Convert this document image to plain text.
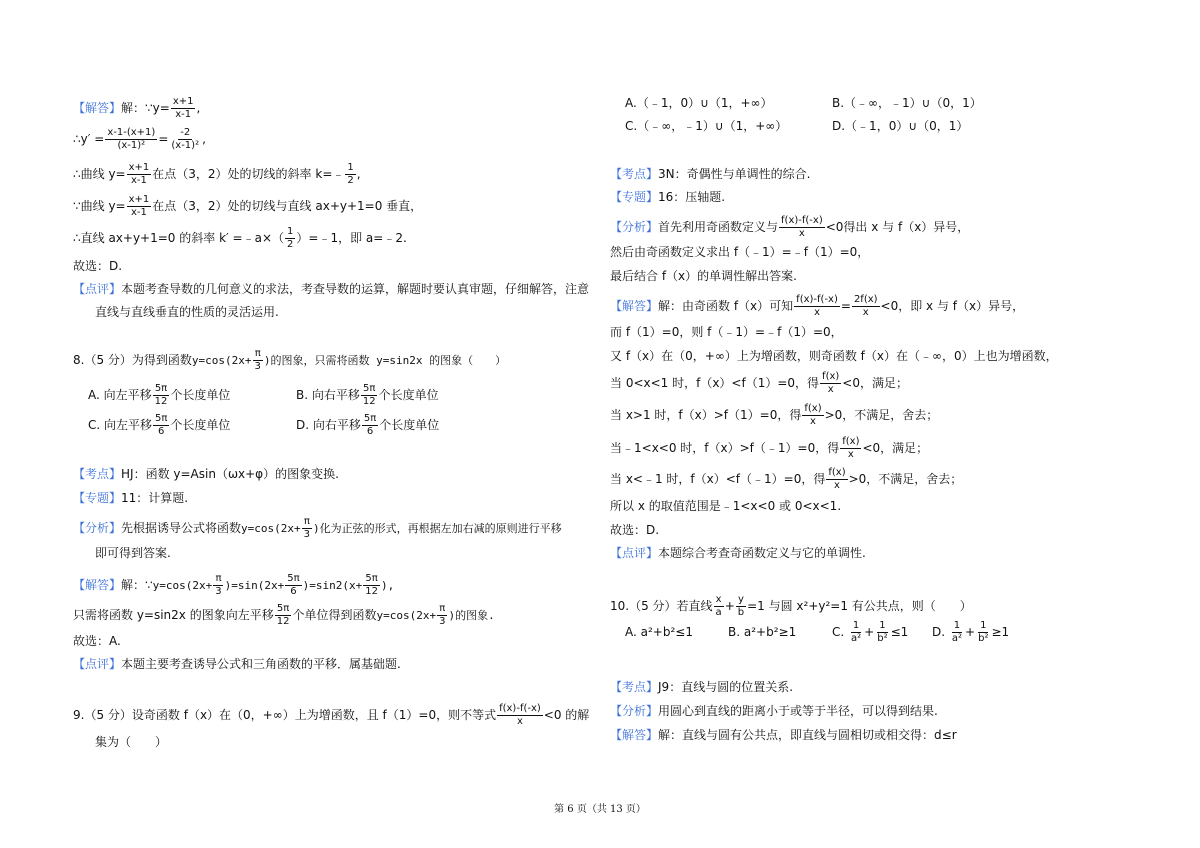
【解答】解：∵y= $\frac{x+1}{x-1}$ ,
∴y′ = $\frac{x-1-(x+1)}{\text{(x-1)²}} = \frac{-2}{\text{(x-1)²}}$ ,
∴曲线 $y= \frac{x+1}{x-1}$ 在点（3，2）处的切线的斜率 k=﹣ $\frac{1}{2}$ ,
∵曲线 $y= \frac{x+1}{x-1}$ 在点（3，2）处的切线与直线 ax+y+1=0 垂直，
∴直线 ax+y+1=0 的斜率 k′ =﹣a×（ $\frac{1}{2}$ ）=﹣1，即 a=﹣2.
故选：D.
【点评】本题考查导数的几何意义的求法，考查导数的运算，解题时要认真审题，仔细解答，注意
直线与直线垂直的性质的灵活运用.
8.（5 分）为得到函数$y=\cos(2x+ \frac{\pi}{3}$ )的图象，只需将函数 y=sin2x 的图象（　　）
A. 向左平移 $\frac{5\pi}{12}$ 个长度单位	B. 向右平移 $\frac{5\pi}{12}$ 个长度单位
C. 向左平移 $\frac{5\pi}{6}$ 个长度单位	D. 向右平移 $\frac{5\pi}{6}$ 个长度单位
【考点】HJ：函数 y=Asin（ωx+φ）的图象变换.
【专题】11：计算题.
【分析】先根据诱导公式将函数$y=\cos(2x+ \frac{\pi}{3}$ )化为正弦的形式，再根据左加右减的原则进行平移
即可得到答案.
【解答】解：∵y=cos(2x+ $\frac{\pi}{3} )=\sin(2x+ \frac{5\pi}{6} )=\sin 2(x+ \frac{5\pi}{12}$ ),
只需将函数 y=sin2x 的图象向左平移 $\frac{5\pi}{12}$ 个单位得到函数$y=\cos(2x+ \frac{\pi}{3}$ )的图象.
故选：A.
【点评】本题主要考查诱导公式和三角函数的平移．属基础题.
9.（5 分）设奇函数 f（x）在（0，+∞）上为增函数，且 f（1）=0，则不等式 $\frac{f(x)-f(-x)}{x} <0$ 的解
集为（　　）
A.（﹣1，0）∪（1，+∞）	B.（﹣∞，﹣1）∪（0，1）
C.（﹣∞，﹣1）∪（1，+∞）	D.（﹣1，0）∪（0，1）
【考点】3N：奇偶性与单调性的综合.
【专题】16：压轴题.
【分析】首先利用奇函数定义与 $\frac{f(x)-f(-x)}{x} <0$得出 x 与 f（x）异号，
然后由奇函数定义求出 f（﹣1）=﹣f（1）=0，
最后结合 f（x）的单调性解出答案.
【解答】解：由奇函数 f（x）可知 $\frac{f(x)-f(-x)}{x} = \frac{2f(x)}{x} <0$，即 x 与 f（x）异号，
而 f（1）=0，则 f（﹣1）=﹣f（1）=0，
又 f（x）在（0，+∞）上为增函数，则奇函数 f（x）在（﹣∞，0）上也为增函数，
当 0<x<1 时，f（x）<f（1）=0，得 $\frac{f(x)}{x} <0$，满足；
当 x>1 时，f（x）>f（1）=0，得 $\frac{f(x)}{x} >0$，不满足，舍去；
当﹣1<x<0 时，f（x）>f（﹣1）=0，得 $\frac{f(x)}{x} <0$，满足；
当 x<﹣1 时，f（x）<f（﹣1）=0，得 $\frac{f(x)}{x} >0$，不满足，舍去；
所以 x 的取值范围是﹣1<x<0 或 0<x<1.
故选：D.
【点评】本题综合考查奇函数定义与它的单调性.
10.（5 分）若直线 $\frac{x}{a} + \frac{y}{b} =1$ 与圆 x²+y²=1 有公共点，则（　　）
A. a²+b²≤1	B. a²+b²≥1	C. $\frac{1}{\text{a²}} + \frac{1}{\text{b²}} \le 1$ D. $\frac{1}{\text{a²}} + \frac{1}{\text{b²}} \ge 1$
【考点】J9：直线与圆的位置关系.
【分析】用圆心到直线的距离小于或等于半径，可以得到结果.
【解答】解：直线与圆有公共点，即直线与圆相切或相交得：d≤r
第 6 页（共 13 页）
